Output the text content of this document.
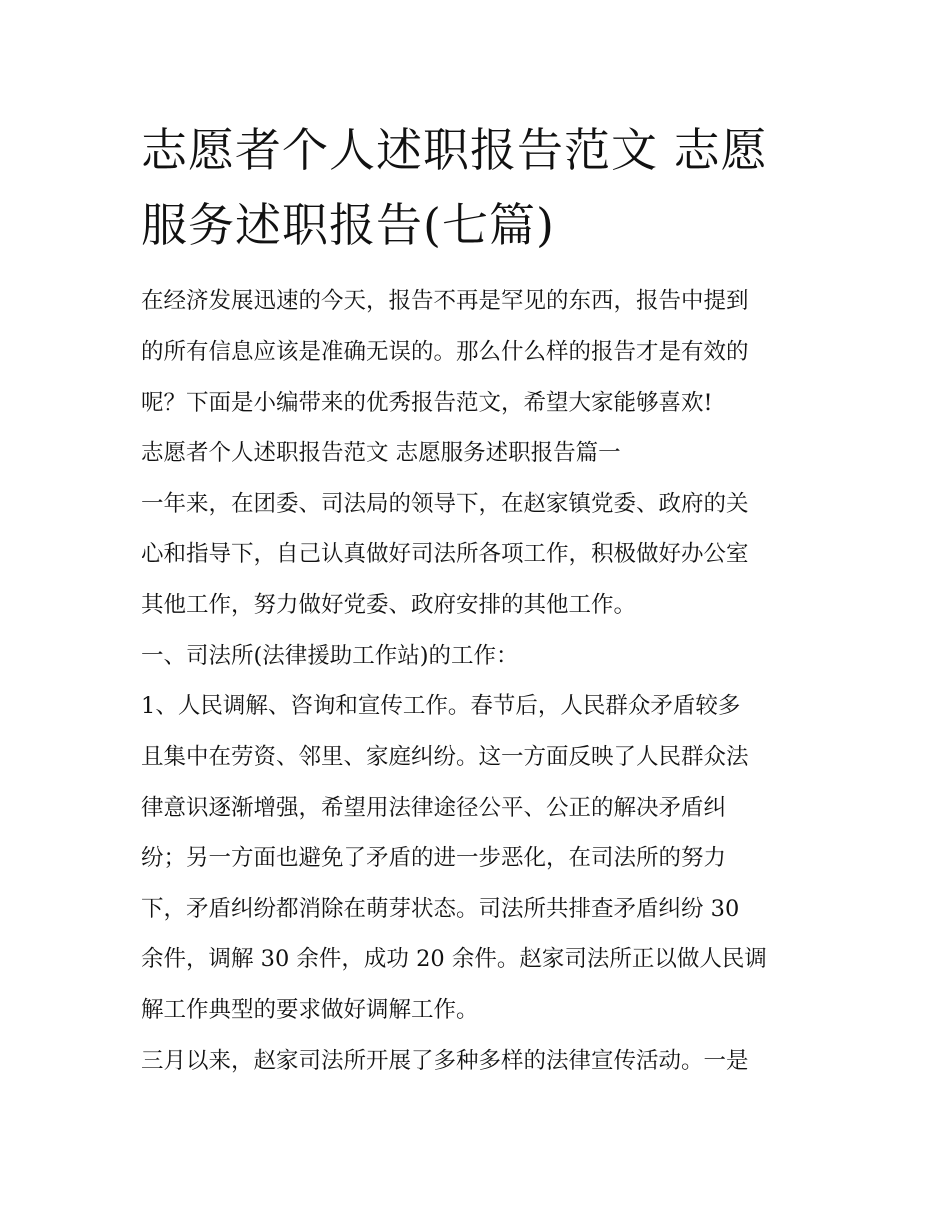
志愿者个人述职报告范文 志愿
服务述职报告(七篇)

在经济发展迅速的今天，报告不再是罕见的东西，报告中提到

的所有信息应该是准确无误的。那么什么样的报告才是有效的

呢？下面是小编带来的优秀报告范文，希望大家能够喜欢!

志愿者个人述职报告范文 志愿服务述职报告篇一

一年来，在团委、司法局的领导下，在赵家镇党委、政府的关

心和指导下，自己认真做好司法所各项工作，积极做好办公室

其他工作，努力做好党委、政府安排的其他工作。

一、司法所(法律援助工作站)的工作：

1、人民调解、咨询和宣传工作。春节后，人民群众矛盾较多

且集中在劳资、邻里、家庭纠纷。这一方面反映了人民群众法

律意识逐渐增强，希望用法律途径公平、公正的解决矛盾纠

纷；另一方面也避免了矛盾的进一步恶化，在司法所的努力

下，矛盾纠纷都消除在萌芽状态。司法所共排查矛盾纠纷 30

余件，调解 30 余件，成功 20 余件。赵家司法所正以做人民调

解工作典型的要求做好调解工作。

三月以来，赵家司法所开展了多种多样的法律宣传活动。一是
